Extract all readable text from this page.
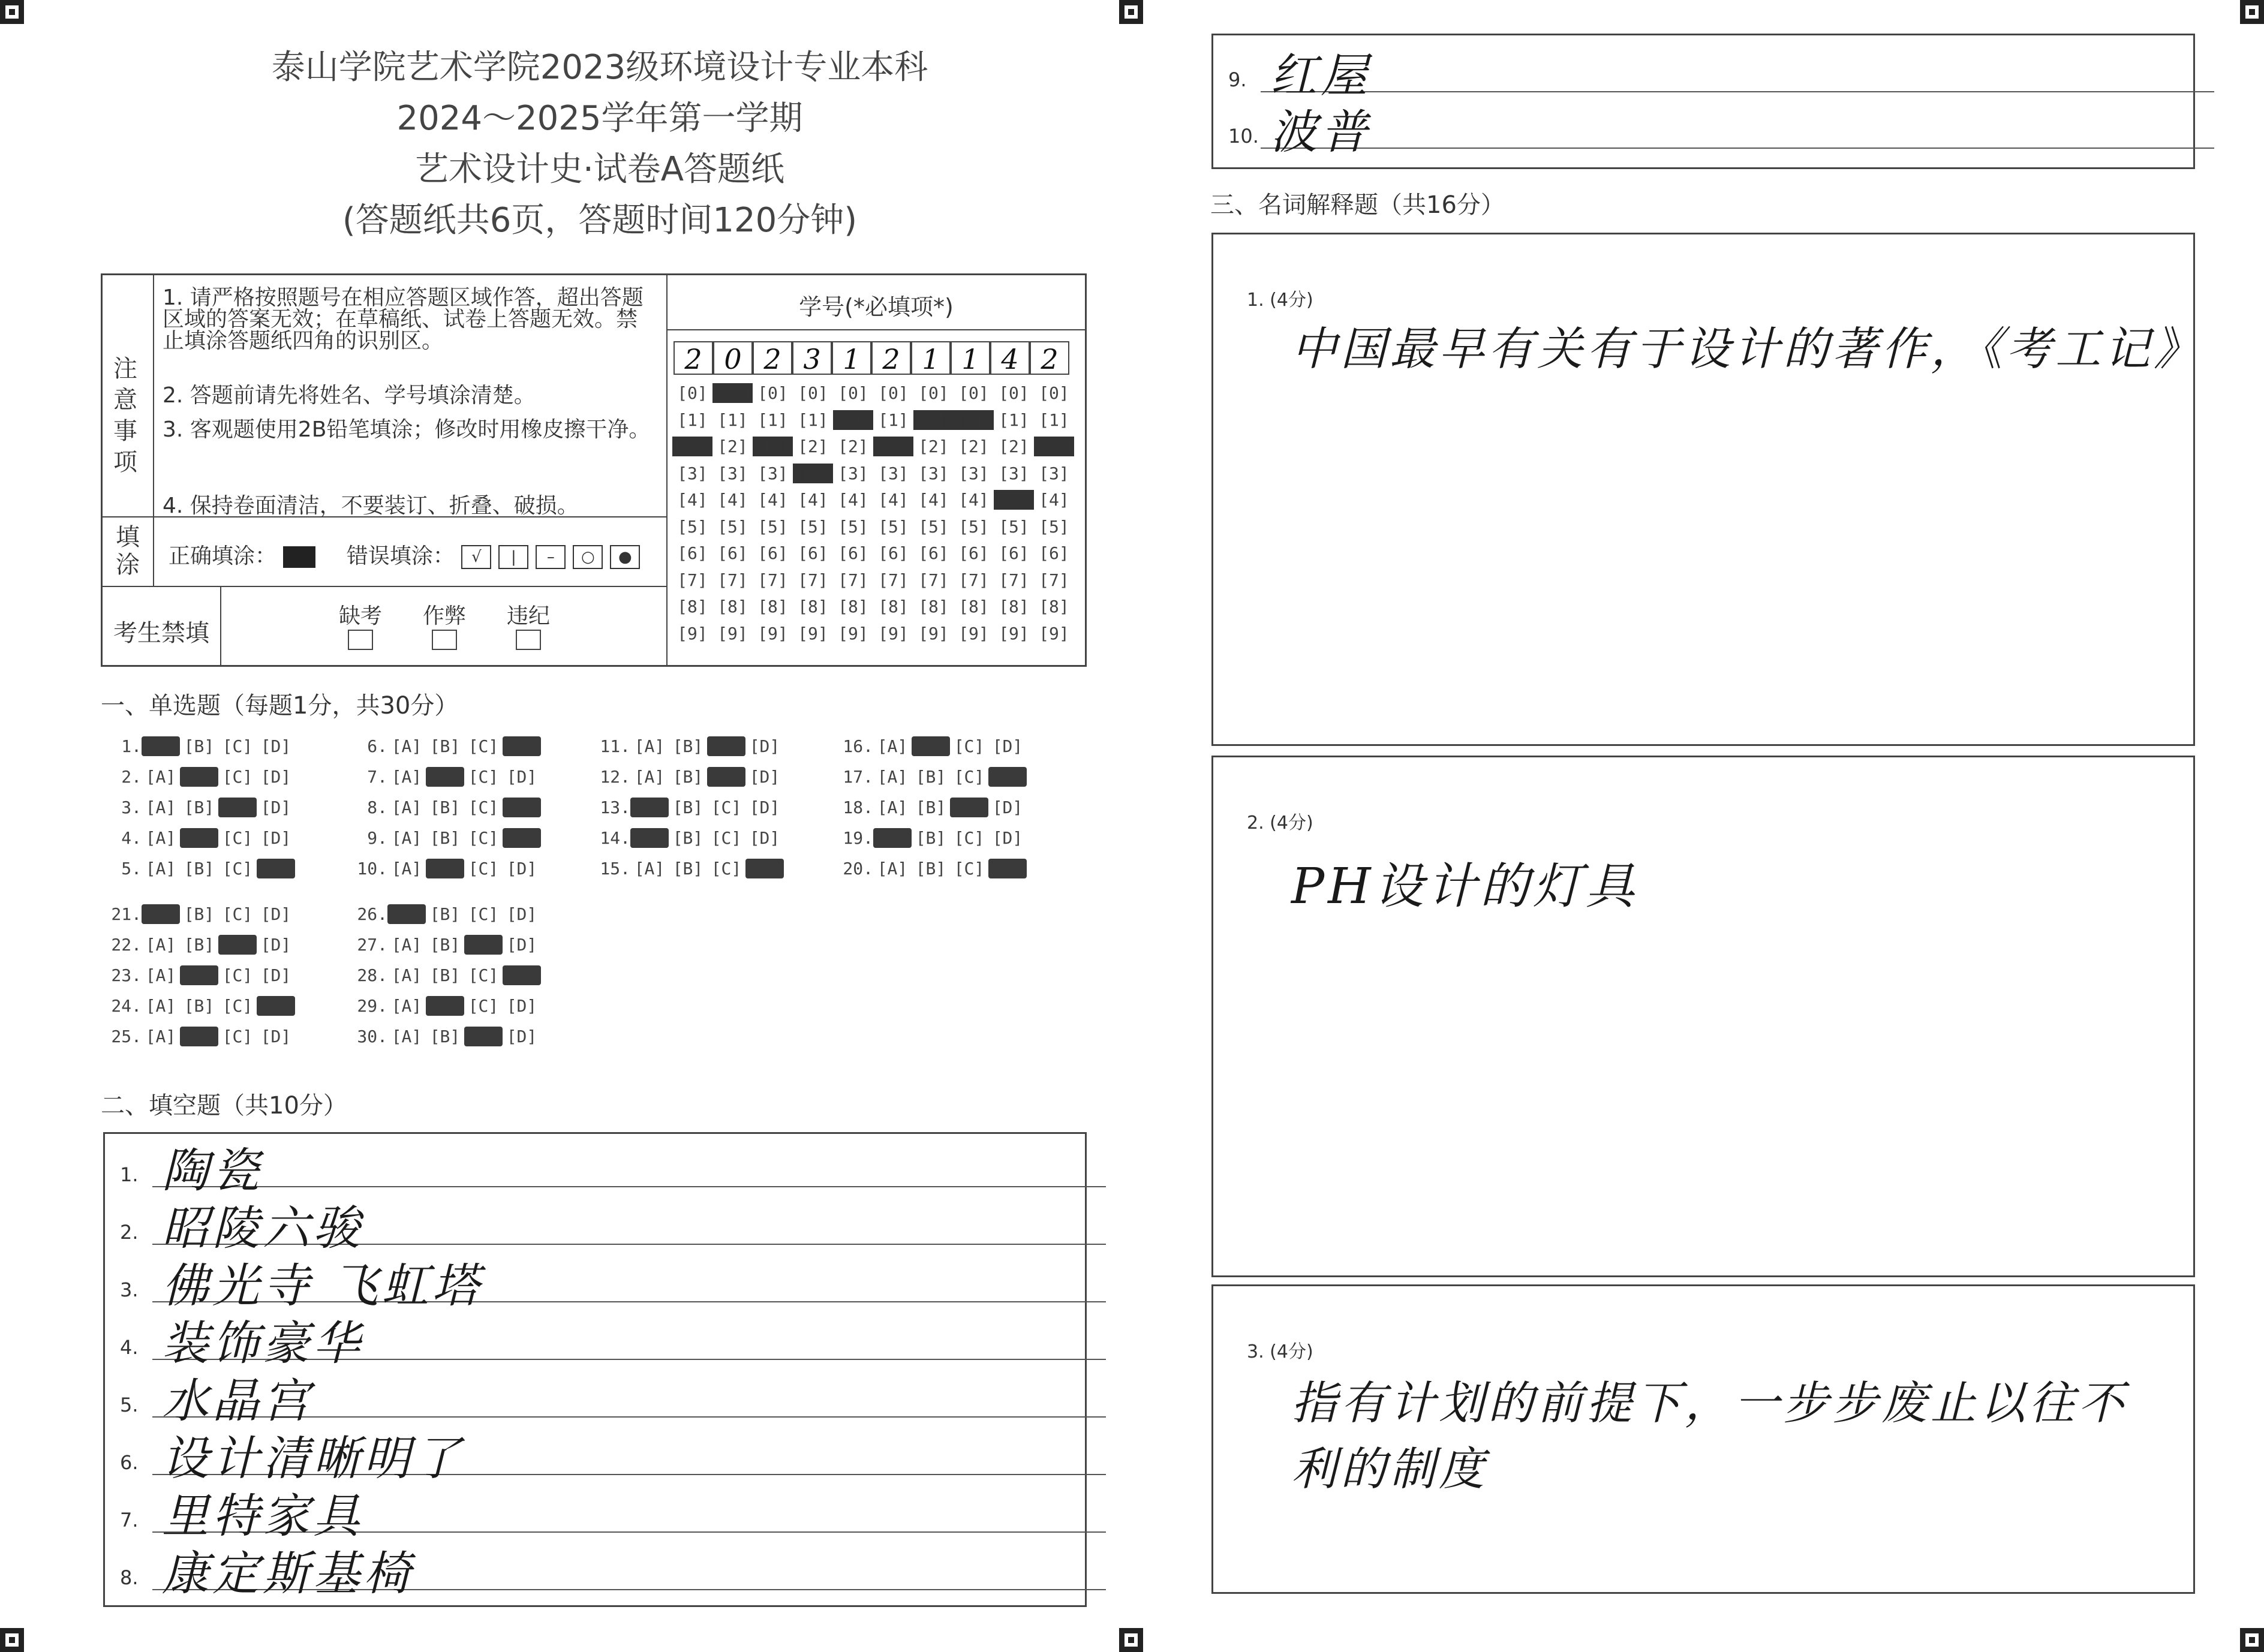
泰山学院艺术学院2023级环境设计专业本科
2024～2025学年第一学期
艺术设计史·试卷A答题纸
(答题纸共6页，答题时间120分钟)
注
意
事
项
1. 请严格按照题号在相应答题区域作答，超出答题区域的答案无效；在草稿纸、试卷上答题无效。禁止填涂答题纸四角的识别区。
2. 答题前请先将姓名、学号填涂清楚。
3. 客观题使用2B铅笔填涂；修改时用橡皮擦干净。
4. 保持卷面清洁，不要装订、折叠、破损。
填
涂 正确填涂：	错误填涂： √ | – ○ ●
考生禁填
缺考 作弊 违纪

学号(*必填项*)
2 0 2 3 1 2 1 1 4 2
[0] [0] [0] [0] [0] [0] [0] [0] [0] [0]
[1] [1] [1] [1] [1] [1] [1] [1] [1] [1]
[2] [2] [2] [2] [2] [2] [2] [2] [2] [2]
[3] [3] [3] [3] [3] [3] [3] [3] [3] [3]
[4] [4] [4] [4] [4] [4] [4] [4] [4] [4]
[5] [5] [5] [5] [5] [5] [5] [5] [5] [5]
[6] [6] [6] [6] [6] [6] [6] [6] [6] [6]
[7] [7] [7] [7] [7] [7] [7] [7] [7] [7]
[8] [8] [8] [8] [8] [8] [8] [8] [8] [8]
[9] [9] [9] [9] [9] [9] [9] [9] [9] [9]
一、单选题（每题1分，共30分）
1. [A] [B] [C] [D]
2. [A] [B] [C] [D]
3. [A] [B] [C] [D]
4. [A] [B] [C] [D]
5. [A] [B] [C] [D]
6. [A] [B] [C] [D]
7. [A] [B] [C] [D]
8. [A] [B] [C] [D]
9. [A] [B] [C] [D]
10. [A] [B] [C] [D]
11. [A] [B] [C] [D]
12. [A] [B] [C] [D]
13. [A] [B] [C] [D]
14. [A] [B] [C] [D]
15. [A] [B] [C] [D]
16. [A] [B] [C] [D]
17. [A] [B] [C] [D]
18. [A] [B] [C] [D]
19. [A] [B] [C] [D]
20. [A] [B] [C] [D]
21. [A] [B] [C] [D]
22. [A] [B] [C] [D]
23. [A] [B] [C] [D]
24. [A] [B] [C] [D]
25. [A] [B] [C] [D]
26. [A] [B] [C] [D]
27. [A] [B] [C] [D]
28. [A] [B] [C] [D]
29. [A] [B] [C] [D]
30. [A] [B] [C] [D]
二、填空题（共10分）
1. 陶瓷
2. 昭陵六骏
3. 佛光寺 飞虹塔
4. 装饰豪华
5. 水晶宫
6. 设计清晰明了
7. 里特家具
8. 康定斯基椅
9. 红屋
10. 波普
三、名词解释题（共16分）
1. (4分)
中国最早有关有于设计的著作，《考工记》
2. (4分)
PH设计的灯具
3. (4分)
指有计划的前提下，一步步废止以往不利的制度
